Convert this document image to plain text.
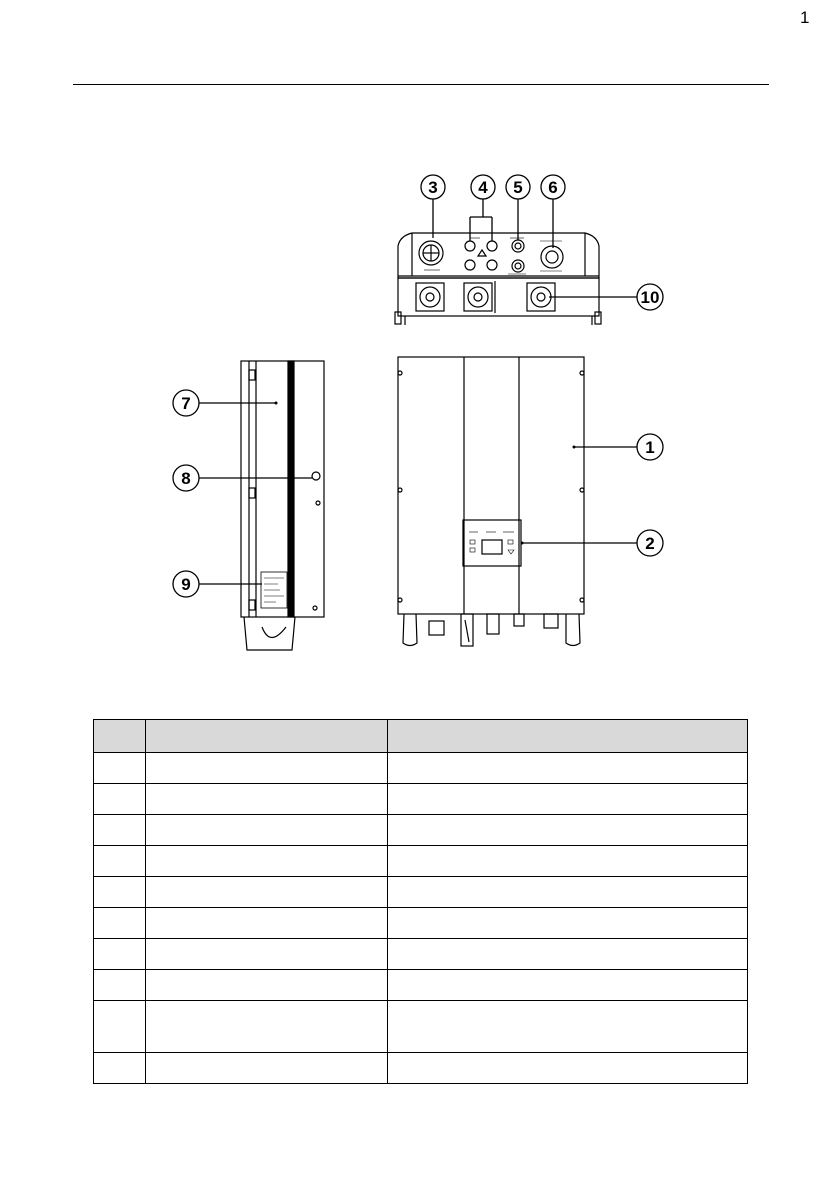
1
3 4 5 6
10
7
8
9
1
2
